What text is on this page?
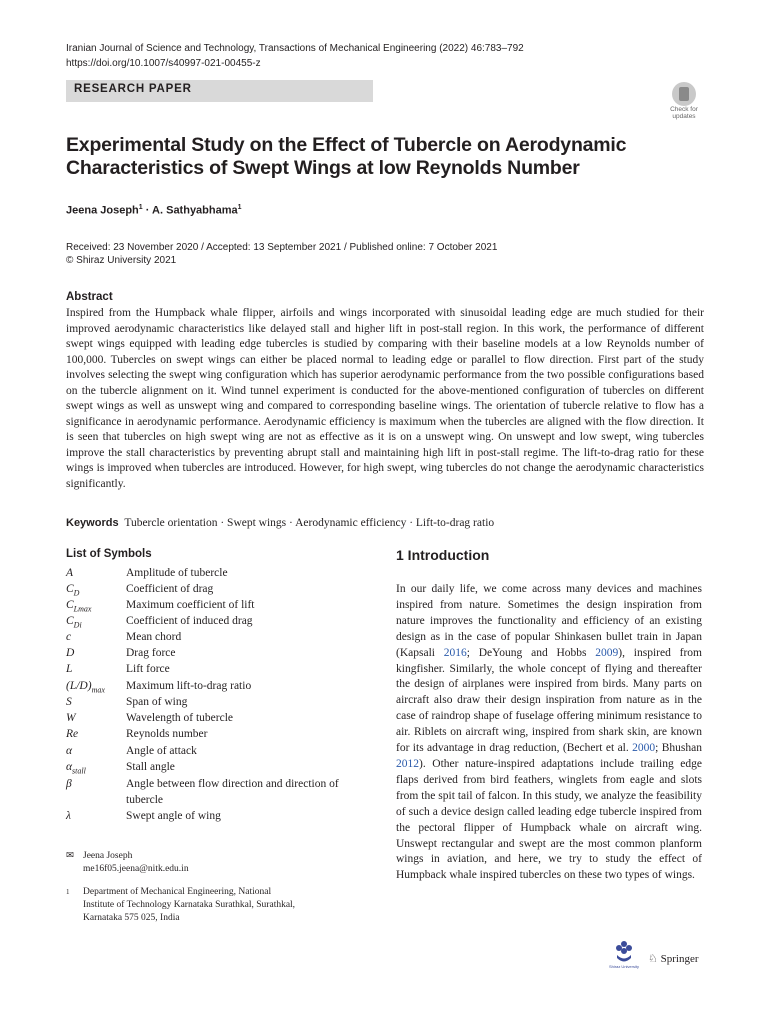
Iranian Journal of Science and Technology, Transactions of Mechanical Engineering (2022) 46:783–792
https://doi.org/10.1007/s40997-021-00455-z
RESEARCH PAPER
Check for
updates
Experimental Study on the Effect of Tubercle on Aerodynamic
Characteristics of Swept Wings at low Reynolds Number
Jeena Joseph$^1$ · A. Sathyabhama$^1$
Received: 23 November 2020 / Accepted: 13 September 2021 / Published online: 7 October 2021
© Shiraz University 2021
Abstract
Inspired from the Humpback whale flipper, airfoils and wings incorporated with sinusoidal leading edge are much studied for their improved aerodynamic characteristics like delayed stall and higher lift in post-stall region. In this work, the performance of different swept wings equipped with leading edge tubercles is studied by comparing with their baseline models at a low Reynolds number of 100,000. Tubercles on swept wings can either be placed normal to leading edge or parallel to flow direction. First part of the study involves selecting the swept wing configuration which has superior aerodynamic performance from the two possible configurations based on the tubercle alignment on it. Wind tunnel experiment is conducted for the above-mentioned configuration of tubercles on different swept wings as well as unswept wing and compared to corresponding baseline wings. The orientation of tubercle relative to flow has a significance in aerodynamic performance. Aerodynamic efficiency is maximum when the tubercles are aligned with the flow direction. It is seen that tubercles on high swept wing are not as effective as it is on a unswept wing. On unswept and low swept, wing tubercles improve the stall characteristics by preventing abrupt stall and maintaining high lift in post-stall regime. The lift-to-drag ratio for these wings is improved when tubercles are introduced. However, for high swept, wing tubercles do not change the aerodynamic characteristics significantly.
Keywords Tubercle orientation · Swept wings · Aerodynamic efficiency · Lift-to-drag ratio
List of Symbols
A	Amplitude of tubercle
$C_D$	Coefficient of drag
$C_{Lmax}$	Maximum coefficient of lift
$C_{Di}$	Coefficient of induced drag
c	Mean chord
D	Drag force
L	Lift force
$(L/D)_{max}$ Maximum lift-to-drag ratio
S	Span of wing
W	Wavelength of tubercle
Re	Reynolds number
α	Angle of attack
$\alpha_{stall}$	Stall angle
β	Angle between flow direction and direction of tubercle
λ	Swept angle of wing
1 Introduction
In our daily life, we come across many devices and machines inspired from nature. Sometimes the design inspiration from nature improves the functionality and efficiency of an existing design as in the case of popular Shinkasen bullet train in Japan (Kapsali 2016; DeYoung and Hobbs 2009), inspired from kingfisher. Similarly, the whole concept of flying and thereafter the design of airplanes were inspired from birds. Many parts on aircraft also draw their design inspiration from nature as in the case of raindrop shape of fuselage offering minimum resistance to air. Riblets on aircraft wing, inspired from shark skin, are known for its advantage in drag reduction, (Bechert et al. 2000; Bhushan 2012). Other nature-inspired adaptations include trailing edge flaps derived from bird feathers, winglets from eagle and slots from the spit tail of falcon. In this study, we analyze the feasibility of such a device design called leading edge tubercle inspired from the pectoral flipper of Humpback whale on aircraft wing. Unswept rectangular and swept are the most common planform wings in aviation, and here, we try to study the effect of Humpback whale inspired tubercles on these two types of wings.
✉ Jeena Joseph
me16f05.jeena@nitk.edu.in
1 Department of Mechanical Engineering, National
Institute of Technology Karnataka Surathkal, Surathkal,
Karnataka 575 025, India
Shiraz University
♘ Springer
